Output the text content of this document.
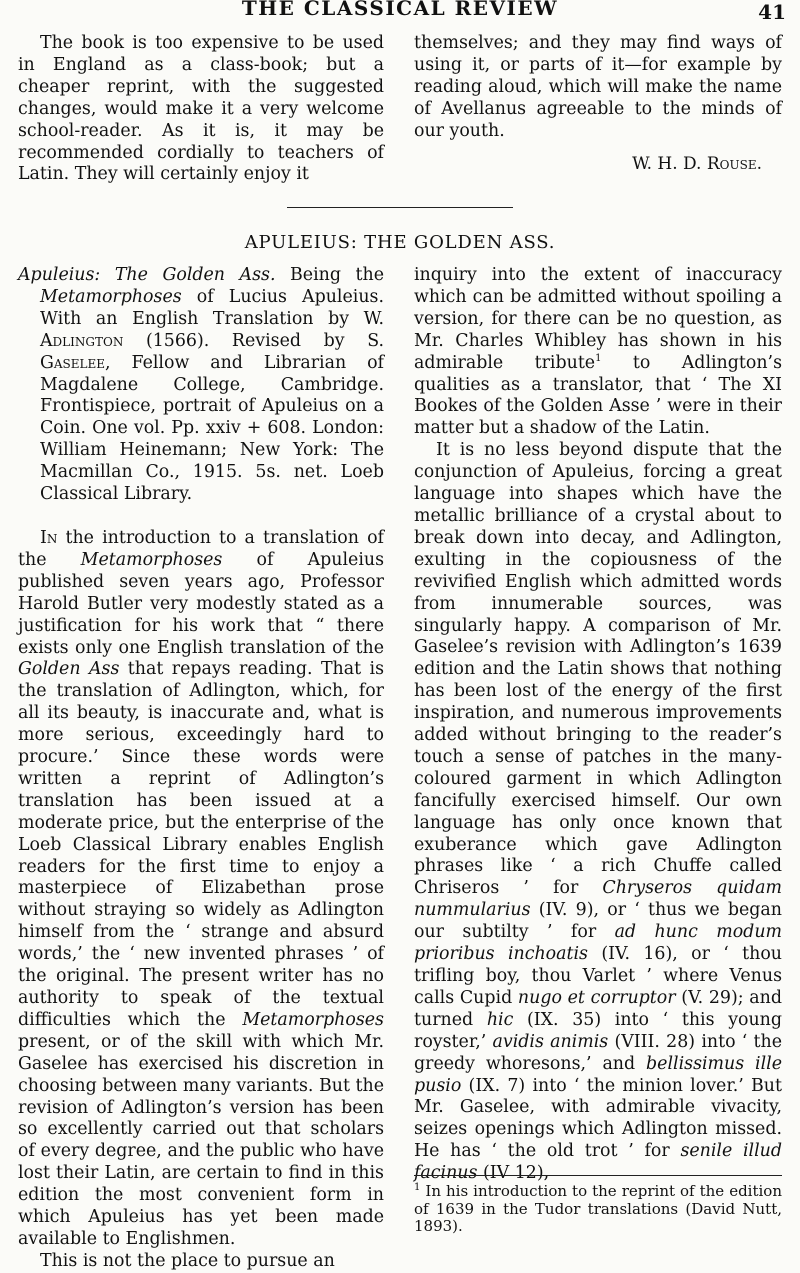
THE CLASSICAL REVIEW	41

The book is too expensive to be used in England as a class-book; but a cheaper reprint, with the suggested changes, would make it a very welcome school-reader. As it is, it may be recommended cordially to teachers of Latin. They will certainly enjoy it

themselves; and they may find ways of using it, or parts of it—for example by reading aloud, which will make the name of Avellanus agreeable to the minds of our youth.

W. H. D. Rouse.

APULEIUS: THE GOLDEN ASS.

Apuleius: The Golden Ass. Being the Metamorphoses of Lucius Apuleius. With an English Translation by W. Adlington (1566). Revised by S. Gaselee, Fellow and Librarian of Magdalene College, Cambridge. Frontispiece, portrait of Apuleius on a Coin. One vol. Pp. xxiv + 608. London: William Heinemann; New York: The Macmillan Co., 1915. 5s. net. Loeb Classical Library.

In the introduction to a translation of the Metamorphoses of Apuleius published seven years ago, Professor Harold Butler very modestly stated as a justification for his work that “ there exists only one English translation of the Golden Ass that repays reading. That is the translation of Adlington, which, for all its beauty, is inaccurate and, what is more serious, exceedingly hard to procure.’ Since these words were written a reprint of Adlington’s translation has been issued at a moderate price, but the enterprise of the Loeb Classical Library enables English readers for the first time to enjoy a masterpiece of Elizabethan prose without straying so widely as Adlington himself from the ‘ strange and absurd words,’ the ‘ new invented phrases ’ of the original. The present writer has no authority to speak of the textual difficulties which the Metamorphoses present, or of the skill with which Mr. Gaselee has exercised his discretion in choosing between many variants. But the revision of Adlington’s version has been so excellently carried out that scholars of every degree, and the public who have lost their Latin, are certain to find in this edition the most convenient form in which Apuleius has yet been made available to Englishmen.

This is not the place to pursue an

inquiry into the extent of inaccuracy which can be admitted without spoiling a version, for there can be no question, as Mr. Charles Whibley has shown in his admirable tribute$^1$ to Adlington’s qualities as a translator, that ‘ The XI Bookes of the Golden Asse ’ were in their matter but a shadow of the Latin.

It is no less beyond dispute that the conjunction of Apuleius, forcing a great language into shapes which have the metallic brilliance of a crystal about to break down into decay, and Adlington, exulting in the copiousness of the revivified English which admitted words from innumerable sources, was singularly happy. A comparison of Mr. Gaselee’s revision with Adlington’s 1639 edition and the Latin shows that nothing has been lost of the energy of the first inspiration, and numerous improvements added without bringing to the reader’s touch a sense of patches in the many-coloured garment in which Adlington fancifully exercised himself. Our own language has only once known that exuberance which gave Adlington phrases like ‘ a rich Chuffe called Chriseros ’ for Chryseros quidam nummularius (IV. 9), or ‘ thus we began our subtilty ’ for ad hunc modum prioribus inchoatis (IV. 16), or ‘ thou trifling boy, thou Varlet ’ where Venus calls Cupid nugo et corruptor (V. 29); and turned hic (IX. 35) into ‘ this young royster,’ avidis animis (VIII. 28) into ‘ the greedy whoresons,’ and bellissimus ille pusio (IX. 7) into ‘ the minion lover.’ But Mr. Gaselee, with admirable vivacity, seizes openings which Adlington missed. He has ‘ the old trot ’ for senile illud facinus (IV 12),

$^1$ In his introduction to the reprint of the edition of 1639 in the Tudor translations (David Nutt, 1893).
